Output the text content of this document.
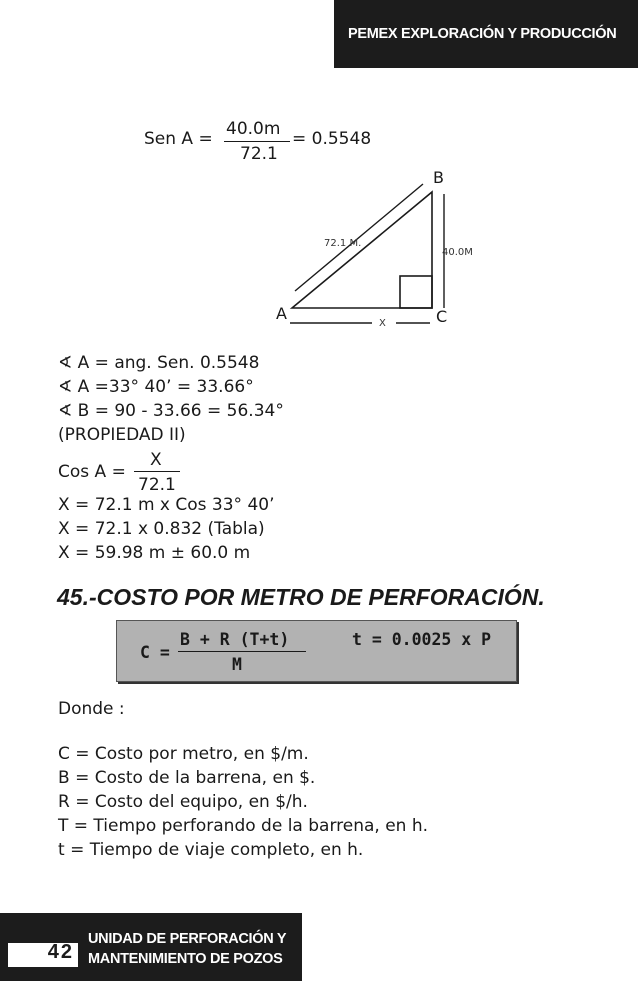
PEMEX EXPLORACIÓN Y PRODUCCIÓN
Sen A = 40.0m
72.1
= 0.5548
B
A	C
72.1 M.
40.0M
X
∢ A = ang. Sen. 0.5548
∢ A =33° 40’ = 33.66°
∢ B = 90 - 33.66 = 56.34°
(PROPIEDAD II)
Cos A =
X
72.1
X = 72.1 m x Cos 33° 40’
X = 72.1 x 0.832 (Tabla)
X = 59.98 m ± 60.0 m
45.-COSTO POR METRO DE PERFORACIÓN.
C =
B + R (T+t)
M
t = 0.0025 x P
Donde :
C = Costo por metro, en $/m.
B = Costo de la barrena, en $.
R = Costo del equipo, en $/h.
T = Tiempo perforando de la barrena, en h.
t = Tiempo de viaje completo, en h.
42
UNIDAD DE PERFORACIÓN Y
MANTENIMIENTO DE POZOS
